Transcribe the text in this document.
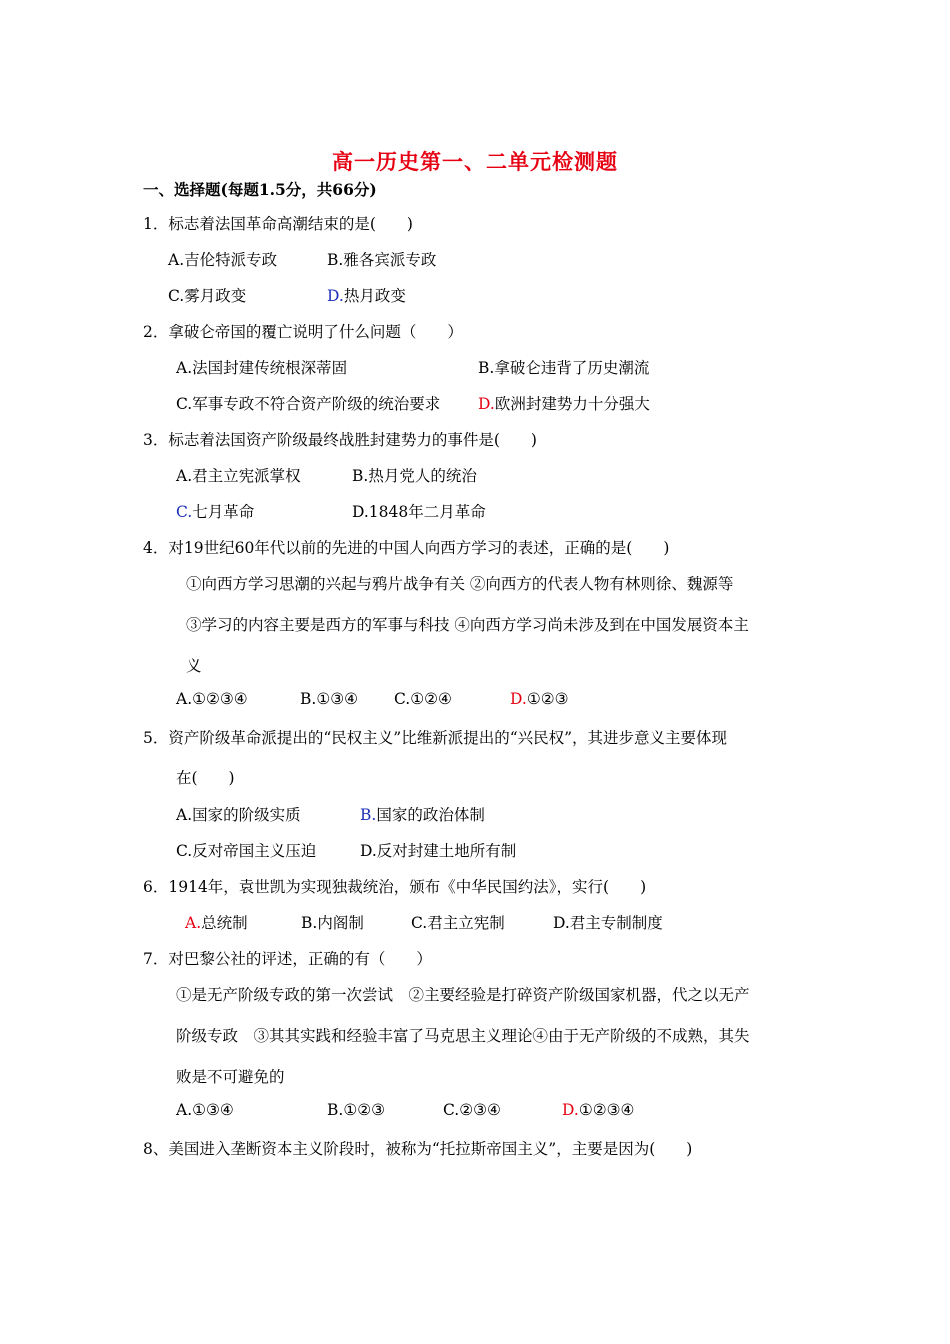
高一历史第一、二单元检测题
一、选择题(每题1.5分，共66分)
1．标志着法国革命高潮结束的是(　　)
A.吉伦特派专政	B.雅各宾派专政
C.雾月政变	D.热月政变
2．拿破仑帝国的覆亡说明了什么问题（　　）
A.法国封建传统根深蒂固	B.拿破仑违背了历史潮流
C.军事专政不符合资产阶级的统治要求 D.欧洲封建势力十分强大
3．标志着法国资产阶级最终战胜封建势力的事件是(　　)
A.君主立宪派掌权	B.热月党人的统治
C.七月革命	D.1848年二月革命
4．对19世纪60年代以前的先进的中国人向西方学习的表述，正确的是(　　)
①向西方学习思潮的兴起与鸦片战争有关 ②向西方的代表人物有林则徐、魏源等
③学习的内容主要是西方的军事与科技 ④向西方学习尚未涉及到在中国发展资本主
义
A.①②③④	B.①③④ C.①②④	D.①②③
5．资产阶级革命派提出的“民权主义”比维新派提出的“兴民权”，其进步意义主要体现
在(　　)
A.国家的阶级实质	B.国家的政治体制
C.反对帝国主义压迫	D.反对封建土地所有制
6．1914年，袁世凯为实现独裁统治，颁布《中华民国约法》，实行(　　)
A.总统制	B.内阁制	C.君主立宪制	D.君主专制制度
7．对巴黎公社的评述，正确的有（　　）
①是无产阶级专政的第一次尝试　②主要经验是打碎资产阶级国家机器，代之以无产
阶级专政　③其其实践和经验丰富了马克思主义理论④由于无产阶级的不成熟，其失
败是不可避免的
A.①③④	B.①②③	C.②③④	D.①②③④
8、美国进入垄断资本主义阶段时，被称为“托拉斯帝国主义”，主要是因为(　　)
